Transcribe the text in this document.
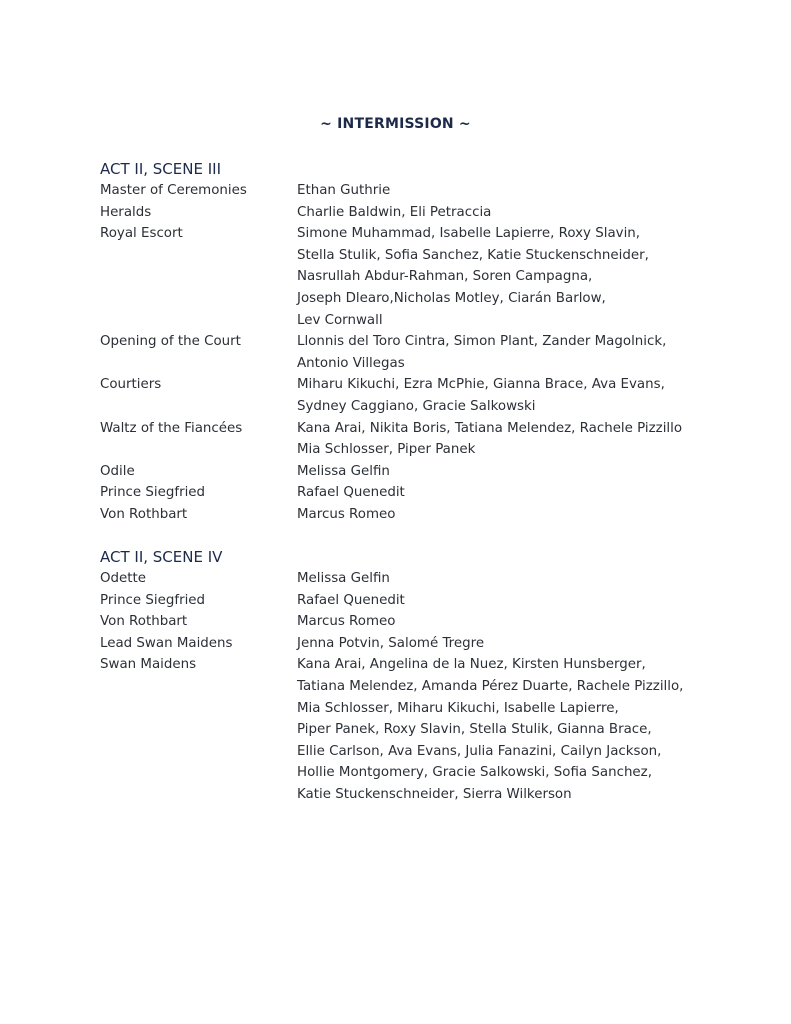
~ INTERMISSION ~
ACT II, SCENE III
Master of Ceremonies	Ethan Guthrie
Heralds	Charlie Baldwin, Eli Petraccia
Royal Escort	Simone Muhammad, Isabelle Lapierre, Roxy Slavin,
Stella Stulik, Sofia Sanchez, Katie Stuckenschneider,
Nasrullah Abdur-Rahman, Soren Campagna,
Joseph Dlearo,Nicholas Motley, Ciarán Barlow,
Lev Cornwall
Opening of the Court	Llonnis del Toro Cintra, Simon Plant, Zander Magolnick,
Antonio Villegas
Courtiers	Miharu Kikuchi, Ezra McPhie, Gianna Brace, Ava Evans,
Sydney Caggiano, Gracie Salkowski
Waltz of the Fiancées	Kana Arai, Nikita Boris, Tatiana Melendez, Rachele Pizzillo
Mia Schlosser, Piper Panek
Odile	Melissa Gelfin
Prince Siegfried	Rafael Quenedit
Von Rothbart	Marcus Romeo
ACT II, SCENE IV
Odette	Melissa Gelfin
Prince Siegfried	Rafael Quenedit
Von Rothbart	Marcus Romeo
Lead Swan Maidens	Jenna Potvin, Salomé Tregre
Swan Maidens	Kana Arai, Angelina de la Nuez, Kirsten Hunsberger,
Tatiana Melendez, Amanda Pérez Duarte, Rachele Pizzillo,
Mia Schlosser, Miharu Kikuchi, Isabelle Lapierre,
Piper Panek, Roxy Slavin, Stella Stulik, Gianna Brace,
Ellie Carlson, Ava Evans, Julia Fanazini, Cailyn Jackson,
Hollie Montgomery, Gracie Salkowski, Sofia Sanchez,
Katie Stuckenschneider, Sierra Wilkerson
